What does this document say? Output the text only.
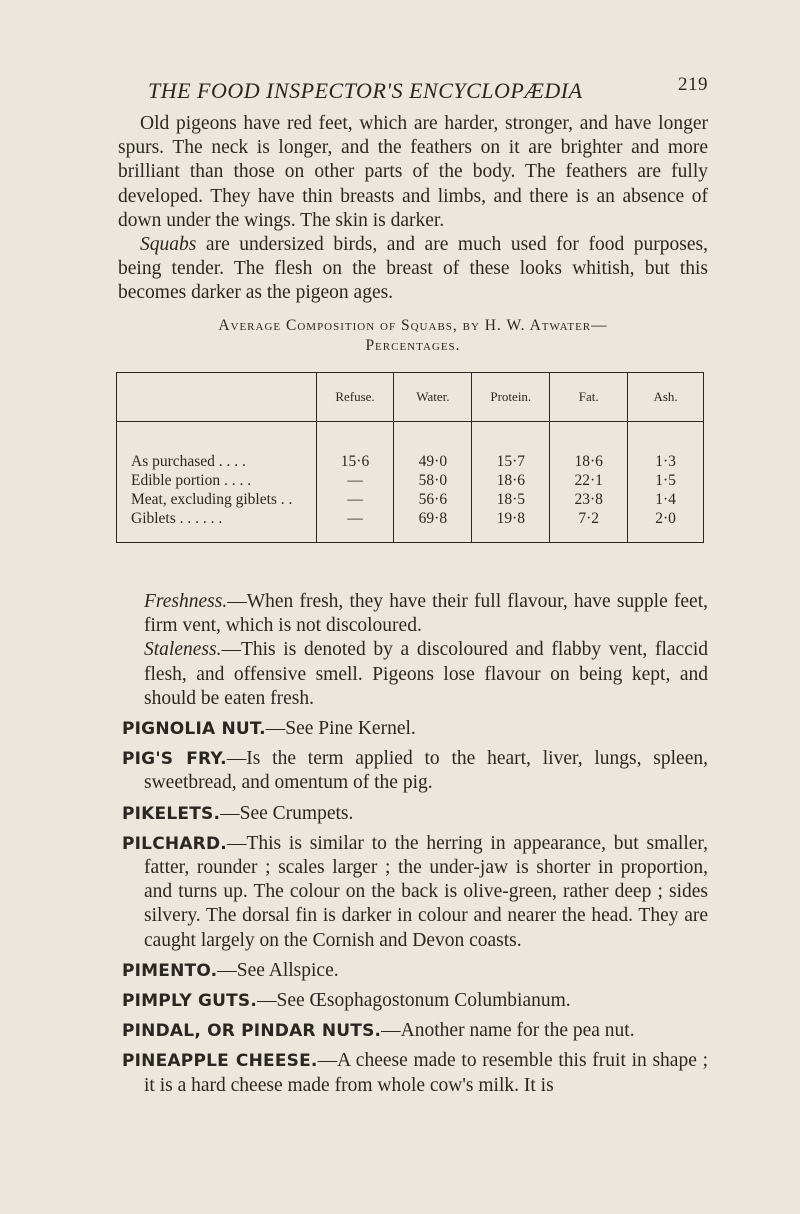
THE FOOD INSPECTOR'S ENCYCLOPÆDIA	219

Old pigeons have red feet, which are harder, stronger, and have longer spurs. The neck is longer, and the feathers on it are brighter and more brilliant than those on other parts of the body. The feathers are fully developed. They have thin breasts and limbs, and there is an absence of down under the wings. The skin is darker.

Squabs are undersized birds, and are much used for food purposes, being tender. The flesh on the breast of these looks whitish, but this becomes darker as the pigeon ages.

Average Composition of Squabs, by H. W. Atwater—
Percentages.

	Refuse.	Water.	Protein.	Fat.	Ash.
As purchased . . . .	15·6	49·0	15·7	18·6	1·3
Edible portion . . . .	—	58·0	18·6	22·1	1·5
Meat, excluding giblets . .	—	56·6	18·5	23·8	1·4
Giblets . . . . . .	—	69·8	19·8	7·2	2·0

Freshness.—When fresh, they have their full flavour, have supple feet, firm vent, which is not discoloured.

Staleness.—This is denoted by a discoloured and flabby vent, flaccid flesh, and offensive smell. Pigeons lose flavour on being kept, and should be eaten fresh.

PIGNOLIA NUT.—See Pine Kernel.

PIG'S FRY.—Is the term applied to the heart, liver, lungs, spleen, sweetbread, and omentum of the pig.

PIKELETS.—See Crumpets.

PILCHARD.—This is similar to the herring in appearance, but smaller, fatter, rounder ; scales larger ; the under-jaw is shorter in proportion, and turns up. The colour on the back is olive-green, rather deep ; sides silvery. The dorsal fin is darker in colour and nearer the head. They are caught largely on the Cornish and Devon coasts.

PIMENTO.—See Allspice.

PIMPLY GUTS.—See Œsophagostonum Columbianum.

PINDAL, OR PINDAR NUTS.—Another name for the pea nut.

PINEAPPLE CHEESE.—A cheese made to resemble this fruit in shape ; it is a hard cheese made from whole cow's milk. It is
